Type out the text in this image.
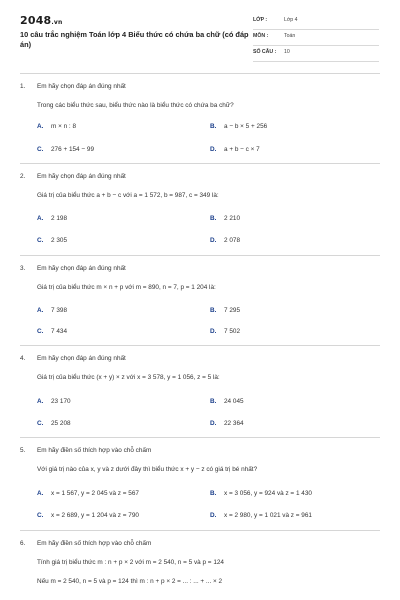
2048.vn
10 câu trắc nghiệm Toán lớp 4 Biểu thức có chứa ba chữ (có đáp án)
LỚP :	Lớp 4
MÔN :	Toán
SỐ CÂU : 10
1. Em hãy chọn đáp án đúng nhất
Trong các biểu thức sau, biểu thức nào là biểu thức có chứa ba chữ?
A. m × n : 8	B. a − b × 5 + 256
C. 276 + 154 − 99	D. a + b − c × 7
2. Em hãy chọn đáp án đúng nhất
Giá trị của biểu thức a + b − c với a = 1 572, b = 987, c = 349 là:
A. 2 198	B. 2 210
C. 2 305	D. 2 078
3. Em hãy chọn đáp án đúng nhất
Giá trị của biểu thức m × n + p với m = 890, n = 7, p = 1 204 là:
A. 7 398	B. 7 295
C. 7 434	D. 7 502
4. Em hãy chọn đáp án đúng nhất
Giá trị của biểu thức (x + y) × z với x = 3 578, y = 1 056, z = 5 là:
A. 23 170	B. 24 045
C. 25 208	D. 22 364
5. Em hãy điền số thích hợp vào chỗ chấm
Với giá trị nào của x, y và z dưới đây thì biểu thức x + y − z có giá trị bé nhất?
A. x = 1 567, y = 2 045 và z = 567	B. x = 3 056, y = 924 và z = 1 430
C. x = 2 689, y = 1 204 và z = 790	D. x = 2 980, y = 1 021 và z = 961
6. Em hãy điền số thích hợp vào chỗ chấm
Tính giá trị biểu thức m : n + p × 2 với m = 2 540, n = 5 và p = 124
Nếu m = 2 540, n = 5 và p = 124 thì m : n + p × 2 = ... : ... + ... × 2
